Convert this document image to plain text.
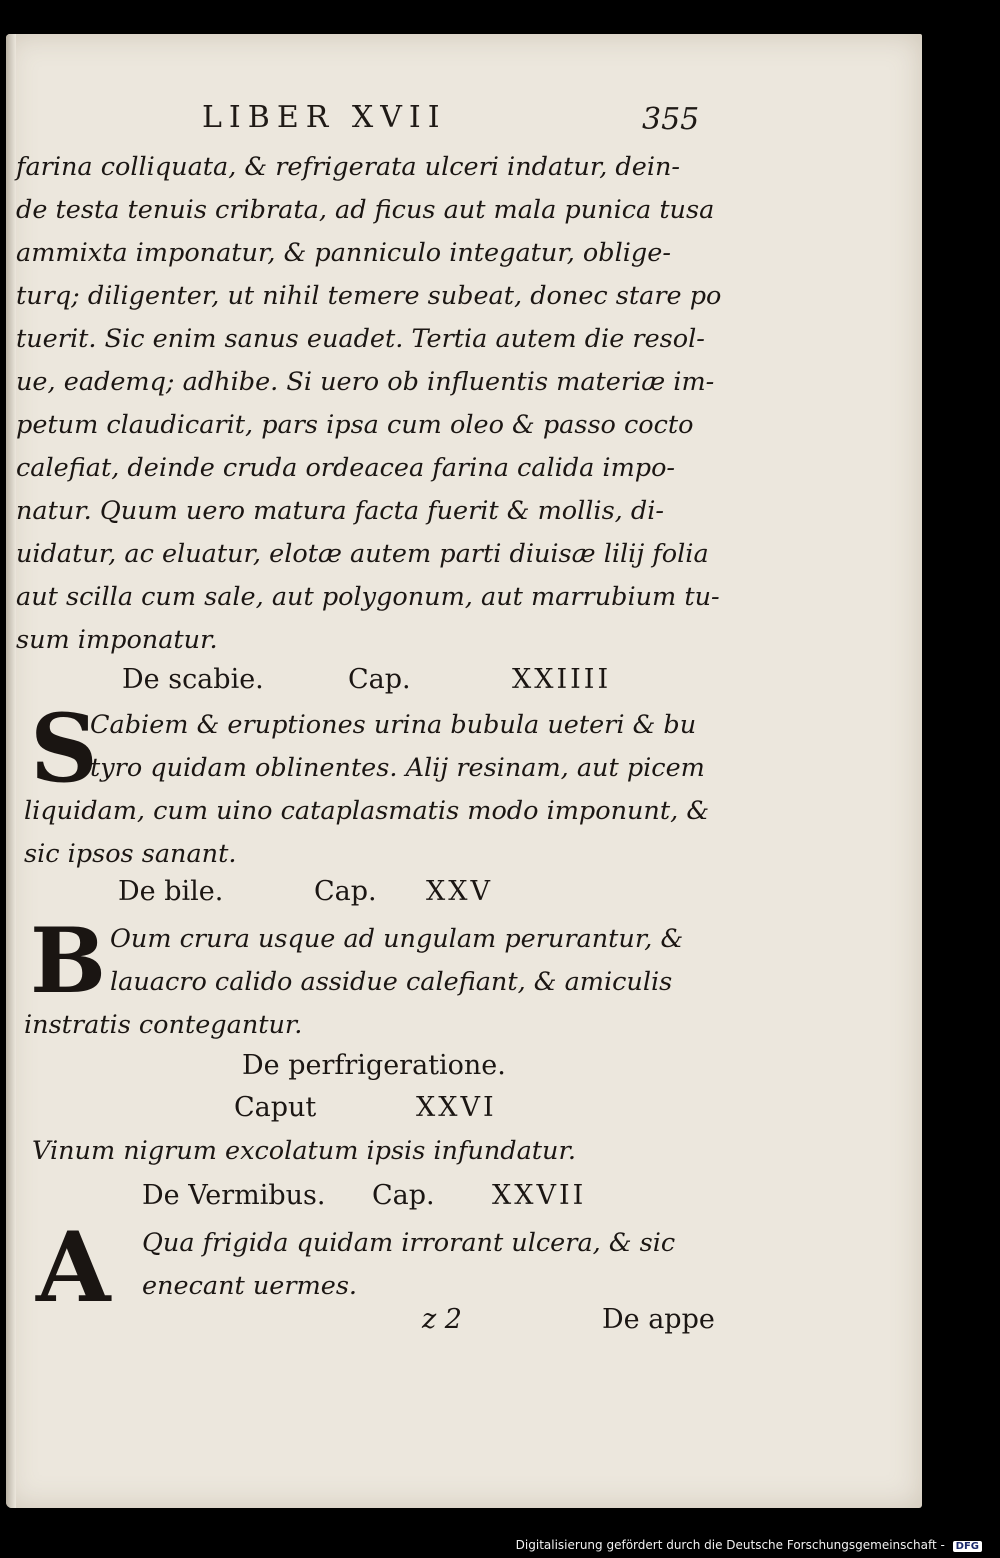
LIBER XVII	355
farina colliquata, & refrigerata ulceri indatur, dein-
de testa tenuis cribrata, ad ficus aut mala punica tusa
ammixta imponatur, & panniculo integatur, oblige-
turq; diligenter, ut nihil temere subeat, donec stare po
tuerit. Sic enim sanus euadet. Tertia autem die resol-
ue, eademq; adhibe. Si uero ob influentis materiæ im-
petum claudicarit, pars ipsa cum oleo & passo cocto
calefiat, deinde cruda ordeacea farina calida impo-
natur. Quum uero matura facta fuerit & mollis, di-
uidatur, ac eluatur, elotæ autem parti diuisæ lilij folia
aut scilla cum sale, aut polygonum, aut marrubium tu-
sum imponatur.
De scabie.	Cap.	XXIIII
S
Cabiem & eruptiones urina bubula ueteri & bu
tyro quidam oblinentes. Alij resinam, aut picem
liquidam, cum uino cataplasmatis modo imponunt, &
sic ipsos sanant.
De bile.	Cap. XXV
B Oum crura usque ad ungulam perurantur, &
lauacro calido assidue calefiant, & amiculis
instratis contegantur.
De perfrigeratione.
Caput	XXVI
Vinum nigrum excolatum ipsis infundatur.
De Vermibus. Cap. XXVII
A Qua frigida quidam irrorant ulcera, & sic
enecant uermes.
z 2	De appe
Digitalisierung gefördert durch die Deutsche Forschungsgemeinschaft - DFG
